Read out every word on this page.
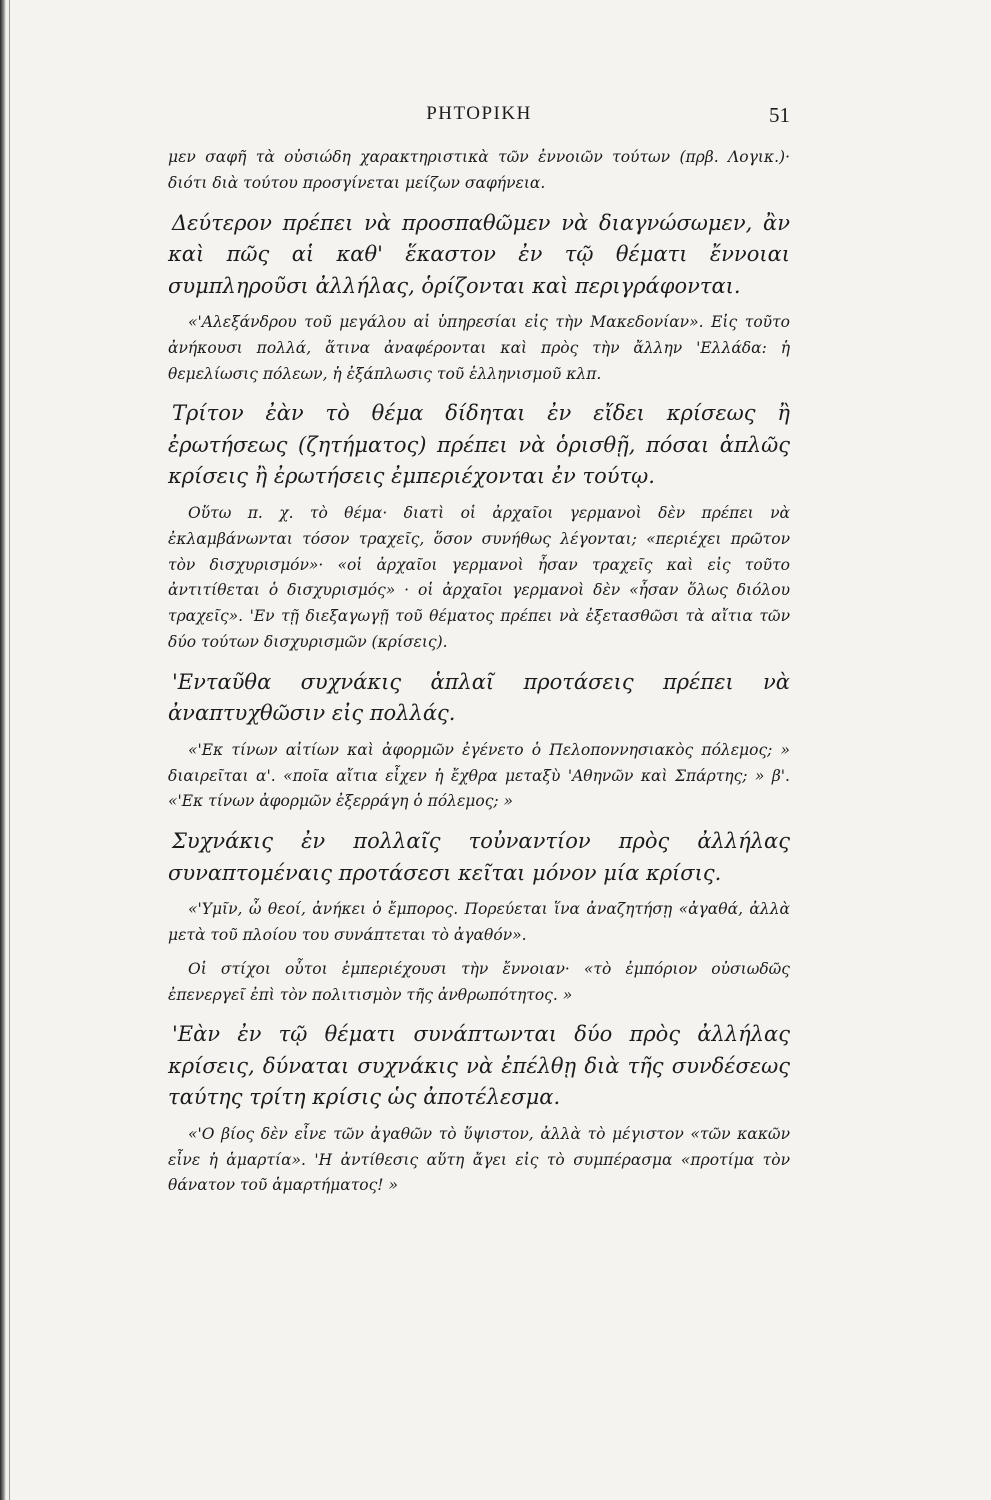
ΡΗΤΟΡΙΚΗ	51

μεν σαφῆ τὰ οὐσιώδη χαρακτηριστικὰ τῶν ἐννοιῶν τούτων (πρβ. Λογικ.)· διότι διὰ τούτου προσγίνεται μείζων σαφήνεια.

Δεύτερον πρέπει νὰ προσπαθῶμεν νὰ διαγνώσωμεν, ἂν καὶ πῶς αἱ καθ' ἕκαστον ἐν τῷ θέματι ἔννοιαι συμπληροῦσι ἀλλήλας, ὁρίζονται καὶ περιγράφονται.

«'Αλεξάνδρου τοῦ μεγάλου αἱ ὑπηρεσίαι εἰς τὴν Μακεδονίαν». Εἰς τοῦτο ἀνήκουσι πολλά, ἅτινα ἀναφέρονται καὶ πρὸς τὴν ἄλλην 'Ελλάδα: ἡ θεμελίωσις πόλεων, ἡ ἐξάπλωσις τοῦ ἑλληνισμοῦ κλπ.

Τρίτον ἐὰν τὸ θέμα δίδηται ἐν εἴδει κρίσεως ἢ ἐρωτήσεως (ζητήματος) πρέπει νὰ ὁρισθῇ, πόσαι ἁπλῶς κρίσεις ἢ ἐρωτήσεις ἐμπεριέχονται ἐν τούτῳ.

Οὕτω π. χ. τὸ θέμα· διατὶ οἱ ἀρχαῖοι γερμανοὶ δὲν πρέπει νὰ ἐκλαμβάνωνται τόσον τραχεῖς, ὅσον συνήθως λέγονται; «περιέχει πρῶτον τὸν δισχυρισμόν»· «οἱ ἀρχαῖοι γερμανοὶ ἦσαν τραχεῖς καὶ εἰς τοῦτο ἀντιτίθεται ὁ δισχυρισμός» · οἱ ἀρχαῖοι γερμανοὶ δὲν «ἦσαν ὅλως διόλου τραχεῖς». 'Εν τῇ διεξαγωγῇ τοῦ θέματος πρέπει νὰ ἐξετασθῶσι τὰ αἴτια τῶν δύο τούτων δισχυρισμῶν (κρίσεις).

'Ενταῦθα συχνάκις ἁπλαῖ προτάσεις πρέπει νὰ ἀναπτυχθῶσιν εἰς πολλάς.

«'Εκ τίνων αἰτίων καὶ ἀφορμῶν ἐγένετο ὁ Πελοποννησιακὸς πόλεμος; » διαιρεῖται α'. «ποῖα αἴτια εἶχεν ἡ ἔχθρα μεταξὺ 'Αθηνῶν καὶ Σπάρτης; » β'. «'Εκ τίνων ἀφορμῶν ἐξερράγη ὁ πόλεμος; »

Συχνάκις ἐν πολλαῖς τοὐναντίον πρὸς ἀλλήλας συναπτομέναις προτάσεσι κεῖται μόνον μία κρίσις.

«'Υμῖν, ὦ θεοί, ἀνήκει ὁ ἔμπορος. Πορεύεται ἵνα ἀναζητήσῃ «ἀγαθά, ἀλλὰ μετὰ τοῦ πλοίου του συνάπτεται τὸ ἀγαθόν».

Οἱ στίχοι οὗτοι ἐμπεριέχουσι τὴν ἔννοιαν· «τὸ ἐμπόριον οὐσιωδῶς ἐπενεργεῖ ἐπὶ τὸν πολιτισμὸν τῆς ἀνθρωπότητος. »

'Εὰν ἐν τῷ θέματι συνάπτωνται δύο πρὸς ἀλλήλας κρίσεις, δύναται συχνάκις νὰ ἐπέλθῃ διὰ τῆς συνδέσεως ταύτης τρίτη κρίσις ὡς ἀποτέλεσμα.

«'Ο βίος δὲν εἶνε τῶν ἀγαθῶν τὸ ὕψιστον, ἀλλὰ τὸ μέγιστον «τῶν κακῶν εἶνε ἡ ἁμαρτία». 'Η ἀντίθεσις αὕτη ἄγει εἰς τὸ συμπέρασμα «προτίμα τὸν θάνατον τοῦ ἁμαρτήματος! »
